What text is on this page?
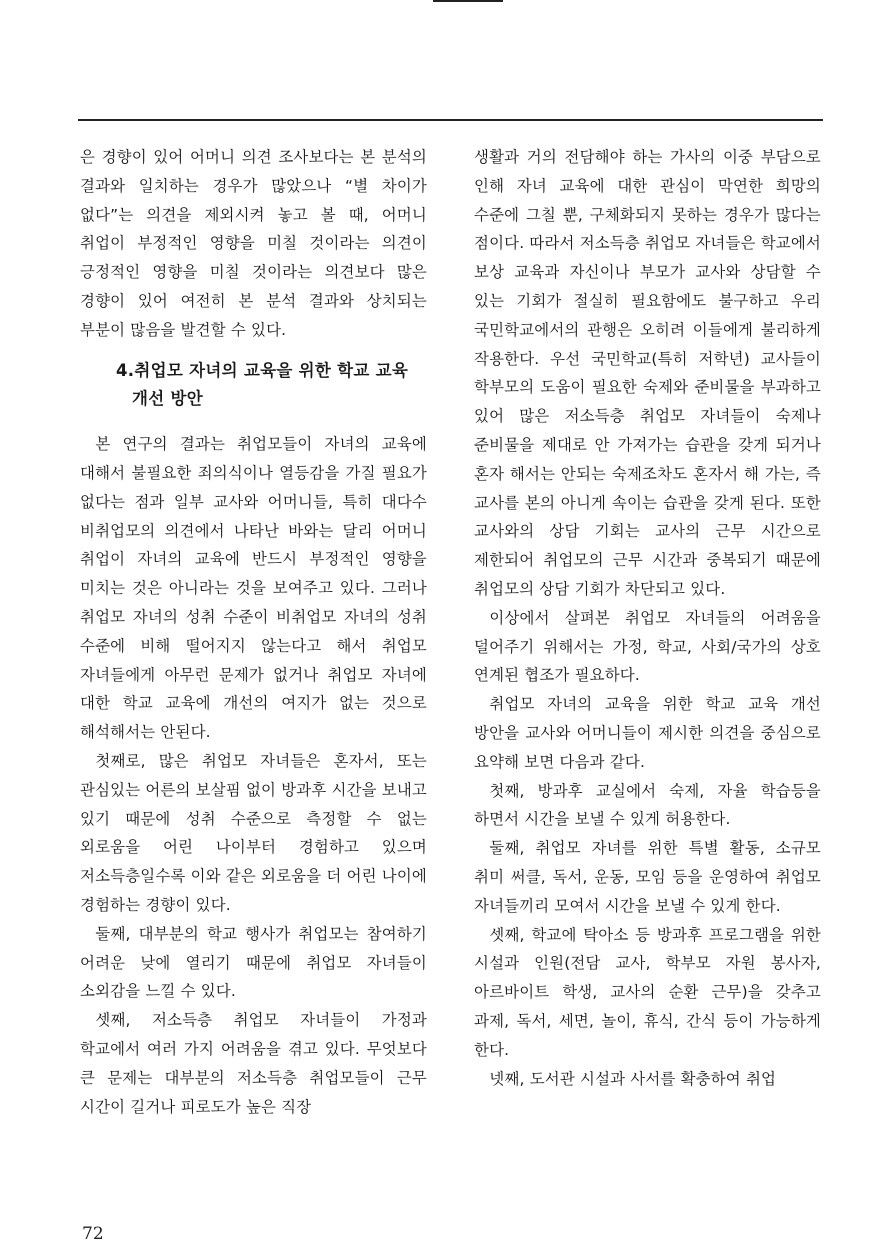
은 경향이 있어 어머니 의견 조사보다는 본 분석의 결과와 일치하는 경우가 많았으나 “별 차이가 없다”는 의견을 제외시켜 놓고 볼 때, 어머니 취업이 부정적인 영향을 미칠 것이라는 의견이 긍정적인 영향을 미칠 것이라는 의견보다 많은 경향이 있어 여전히 본 분석 결과와 상치되는 부분이 많음을 발견할 수 있다.

4.취업모 자녀의 교육을 위한 학교 교육 개선 방안

본 연구의 결과는 취업모들이 자녀의 교육에 대해서 불필요한 죄의식이나 열등감을 가질 필요가 없다는 점과 일부 교사와 어머니들, 특히 대다수 비취업모의 의견에서 나타난 바와는 달리 어머니 취업이 자녀의 교육에 반드시 부정적인 영향을 미치는 것은 아니라는 것을 보여주고 있다. 그러나 취업모 자녀의 성취 수준이 비취업모 자녀의 성취 수준에 비해 떨어지지 않는다고 해서 취업모 자녀들에게 아무런 문제가 없거나 취업모 자녀에 대한 학교 교육에 개선의 여지가 없는 것으로 해석해서는 안된다.

첫째로, 많은 취업모 자녀들은 혼자서, 또는 관심있는 어른의 보살핌 없이 방과후 시간을 보내고 있기 때문에 성취 수준으로 측정할 수 없는 외로움을 어린 나이부터 경험하고 있으며 저소득층일수록 이와 같은 외로움을 더 어린 나이에 경험하는 경향이 있다.

둘째, 대부분의 학교 행사가 취업모는 참여하기 어려운 낮에 열리기 때문에 취업모 자녀들이 소외감을 느낄 수 있다.

셋째, 저소득층 취업모 자녀들이 가정과 학교에서 여러 가지 어려움을 겪고 있다. 무엇보다 큰 문제는 대부분의 저소득층 취업모들이 근무 시간이 길거나 피로도가 높은 직장

생활과 거의 전담해야 하는 가사의 이중 부담으로 인해 자녀 교육에 대한 관심이 막연한 희망의 수준에 그칠 뿐, 구체화되지 못하는 경우가 많다는 점이다. 따라서 저소득층 취업모 자녀들은 학교에서 보상 교육과 자신이나 부모가 교사와 상담할 수 있는 기회가 절실히 필요함에도 불구하고 우리 국민학교에서의 관행은 오히려 이들에게 불리하게 작용한다. 우선 국민학교(특히 저학년) 교사들이 학부모의 도움이 필요한 숙제와 준비물을 부과하고 있어 많은 저소득층 취업모 자녀들이 숙제나 준비물을 제대로 안 가져가는 습관을 갖게 되거나 혼자 해서는 안되는 숙제조차도 혼자서 해 가는, 즉 교사를 본의 아니게 속이는 습관을 갖게 된다. 또한 교사와의 상담 기회는 교사의 근무 시간으로 제한되어 취업모의 근무 시간과 중복되기 때문에 취업모의 상담 기회가 차단되고 있다.

이상에서 살펴본 취업모 자녀들의 어려움을 덜어주기 위해서는 가정, 학교, 사회/국가의 상호 연계된 협조가 필요하다.

취업모 자녀의 교육을 위한 학교 교육 개선 방안을 교사와 어머니들이 제시한 의견을 중심으로 요약해 보면 다음과 같다.

첫째, 방과후 교실에서 숙제, 자율 학습등을 하면서 시간을 보낼 수 있게 허용한다.

둘째, 취업모 자녀를 위한 특별 활동, 소규모 취미 써클, 독서, 운동, 모임 등을 운영하여 취업모 자녀들끼리 모여서 시간을 보낼 수 있게 한다.

셋째, 학교에 탁아소 등 방과후 프로그램을 위한 시설과 인원(전담 교사, 학부모 자원 봉사자, 아르바이트 학생, 교사의 순환 근무)을 갖추고 과제, 독서, 세면, 놀이, 휴식, 간식 등이 가능하게 한다.

넷째, 도서관 시설과 사서를 확충하여 취업

72
